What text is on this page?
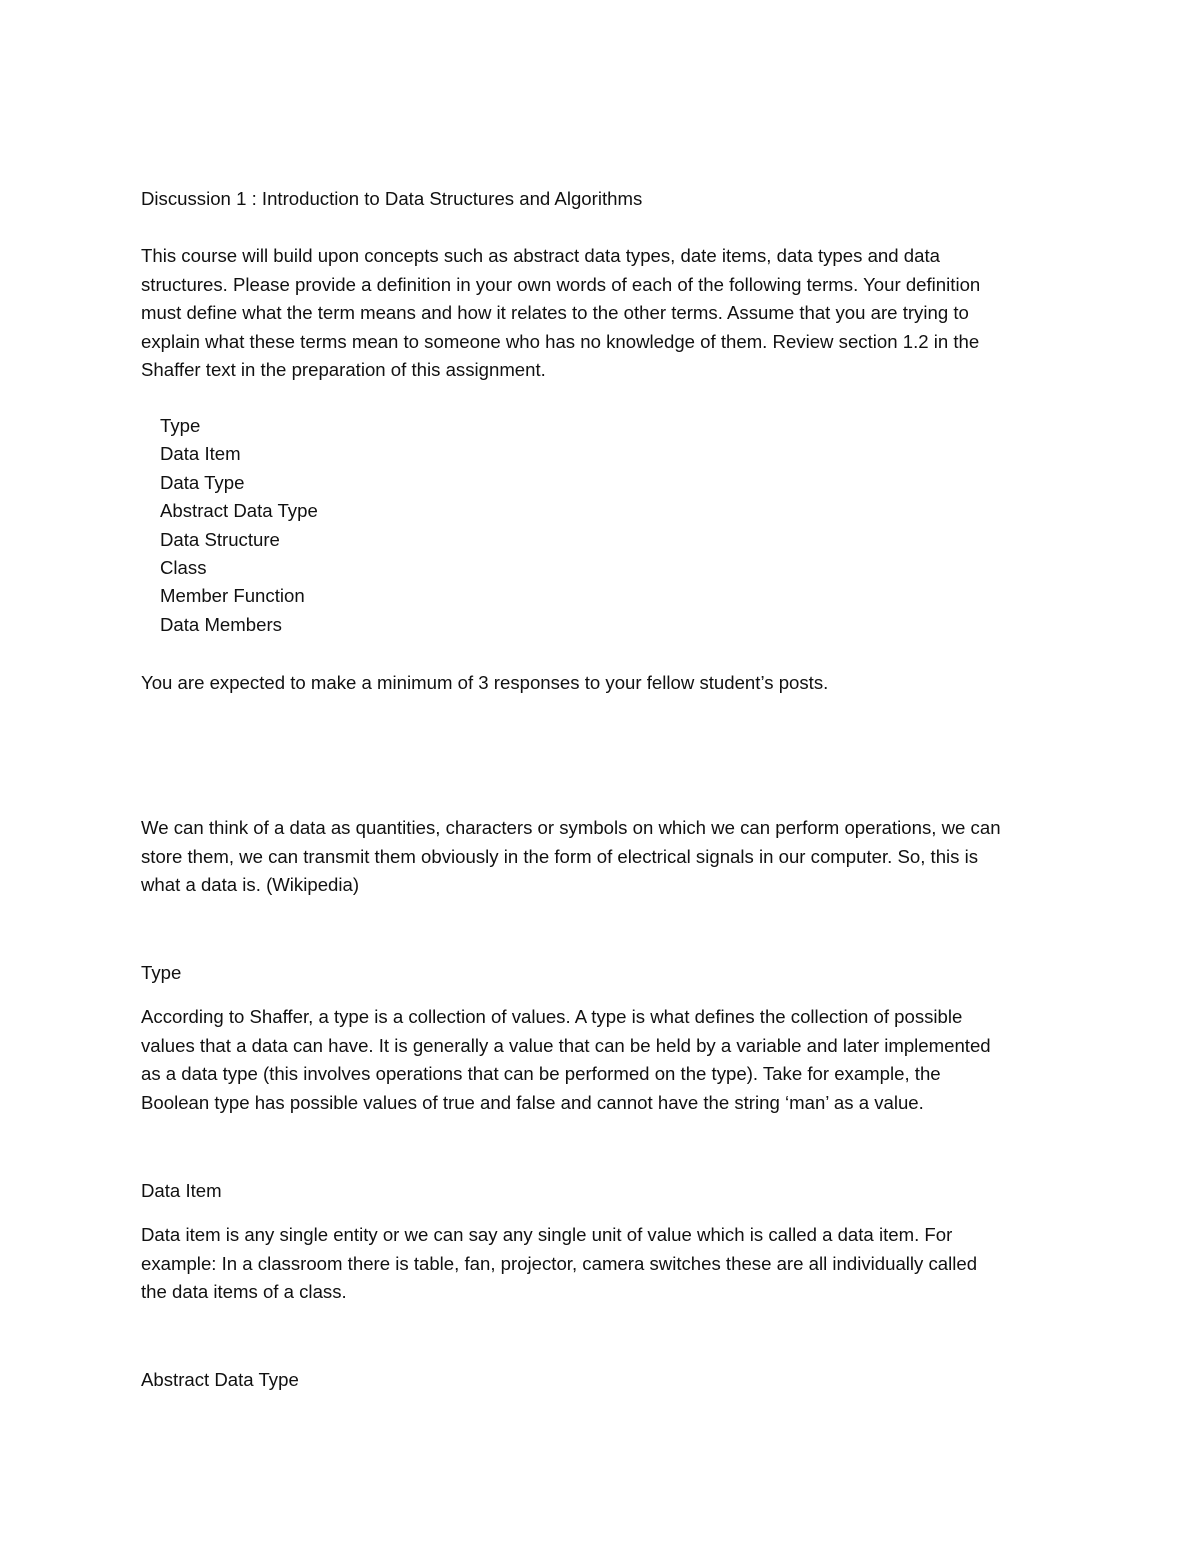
Discussion 1 : Introduction to Data Structures and Algorithms

This course will build upon concepts such as abstract data types, date items, data types and data
structures. Please provide a definition in your own words of each of the following terms. Your definition
must define what the term means and how it relates to the other terms. Assume that you are trying to
explain what these terms mean to someone who has no knowledge of them. Review section 1.2 in the
Shaffer text in the preparation of this assignment.

Type
Data Item
Data Type
Abstract Data Type
Data Structure
Class
Member Function
Data Members

You are expected to make a minimum of 3 responses to your fellow student’s posts.

We can think of a data as quantities, characters or symbols on which we can perform operations, we can
store them, we can transmit them obviously in the form of electrical signals in our computer. So, this is
what a data is. (Wikipedia)

Type

According to Shaffer, a type is a collection of values. A type is what defines the collection of possible
values that a data can have. It is generally a value that can be held by a variable and later implemented
as a data type (this involves operations that can be performed on the type). Take for example, the
Boolean type has possible values of true and false and cannot have the string ‘man’ as a value.

Data Item

Data item is any single entity or we can say any single unit of value which is called a data item. For
example: In a classroom there is table, fan, projector, camera switches these are all individually called
the data items of a class.

Abstract Data Type
